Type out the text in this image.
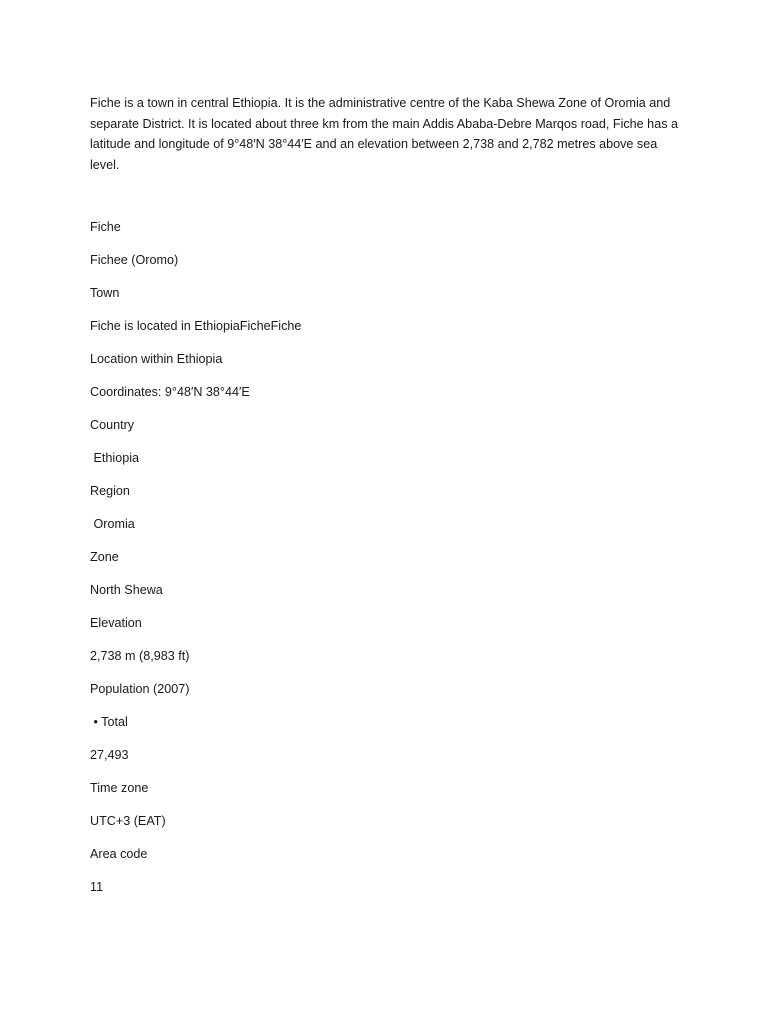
Fiche is a town in central Ethiopia. It is the administrative centre of the Kaba Shewa Zone of Oromia and separate District. It is located about three km from the main Addis Ababa-Debre Marqos road, Fiche has a latitude and longitude of 9°48′N 38°44′E and an elevation between 2,738 and 2,782 metres above sea level.

Fiche
Fichee (Oromo)
Town
Fiche is located in EthiopiaFicheFiche
Location within Ethiopia
Coordinates: 9°48′N 38°44′E
Country
Ethiopia
Region
Oromia
Zone
North Shewa
Elevation
2,738 m (8,983 ft)
Population (2007)
• Total
27,493
Time zone
UTC+3 (EAT)
Area code
11
